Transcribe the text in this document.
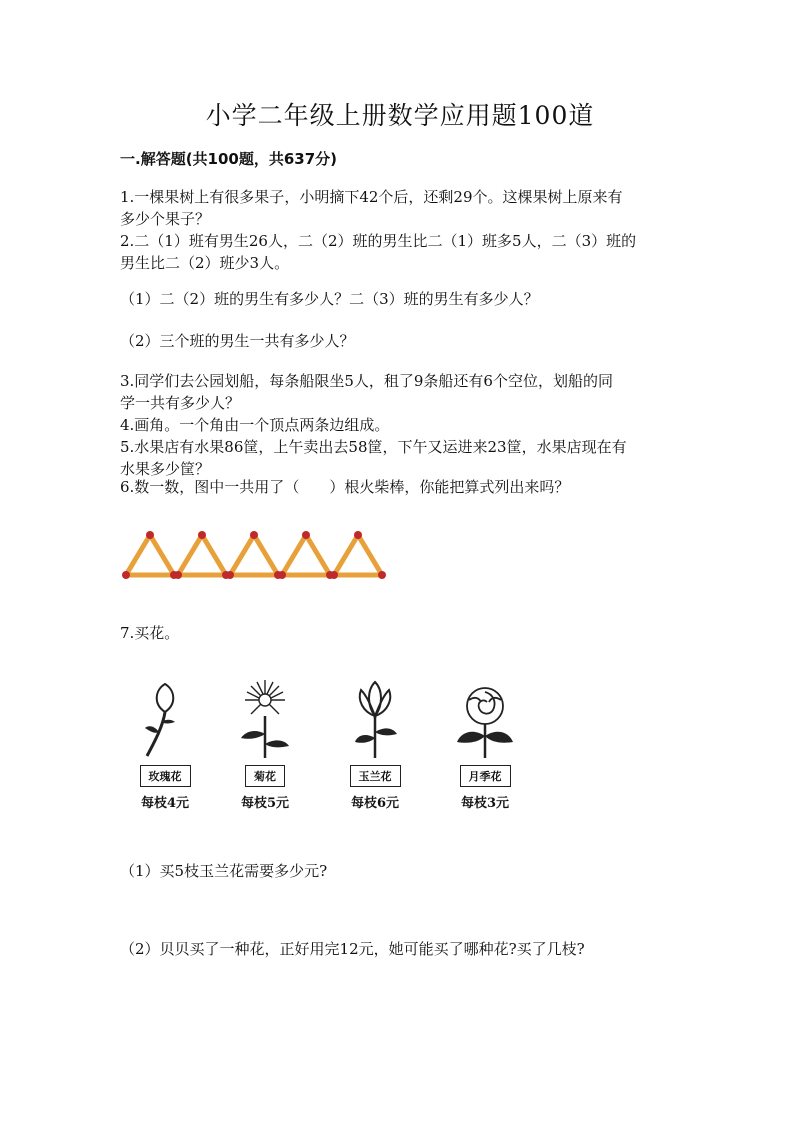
小学二年级上册数学应用题100道
一.解答题(共100题，共637分)
1.一棵果树上有很多果子，小明摘下42个后，还剩29个。这棵果树上原来有
多少个果子？
2.二（1）班有男生26人，二（2）班的男生比二（1）班多5人，二（3）班的
男生比二（2）班少3人。
（1）二（2）班的男生有多少人？二（3）班的男生有多少人？
（2）三个班的男生一共有多少人？
3.同学们去公园划船，每条船限坐5人，租了9条船还有6个空位，划船的同
学一共有多少人？
4.画角。一个角由一个顶点两条边组成。
5.水果店有水果86筐，上午卖出去58筐，下午又运进来23筐，水果店现在有
水果多少筐？
6.数一数，图中一共用了（　　）根火柴棒，你能把算式列出来吗？
7.买花。
玫瑰花
每枝4元
菊花
每枝5元
玉兰花
每枝6元
月季花
每枝3元
（1）买5枝玉兰花需要多少元?
（2）贝贝买了一种花，正好用完12元，她可能买了哪种花?买了几枝?
